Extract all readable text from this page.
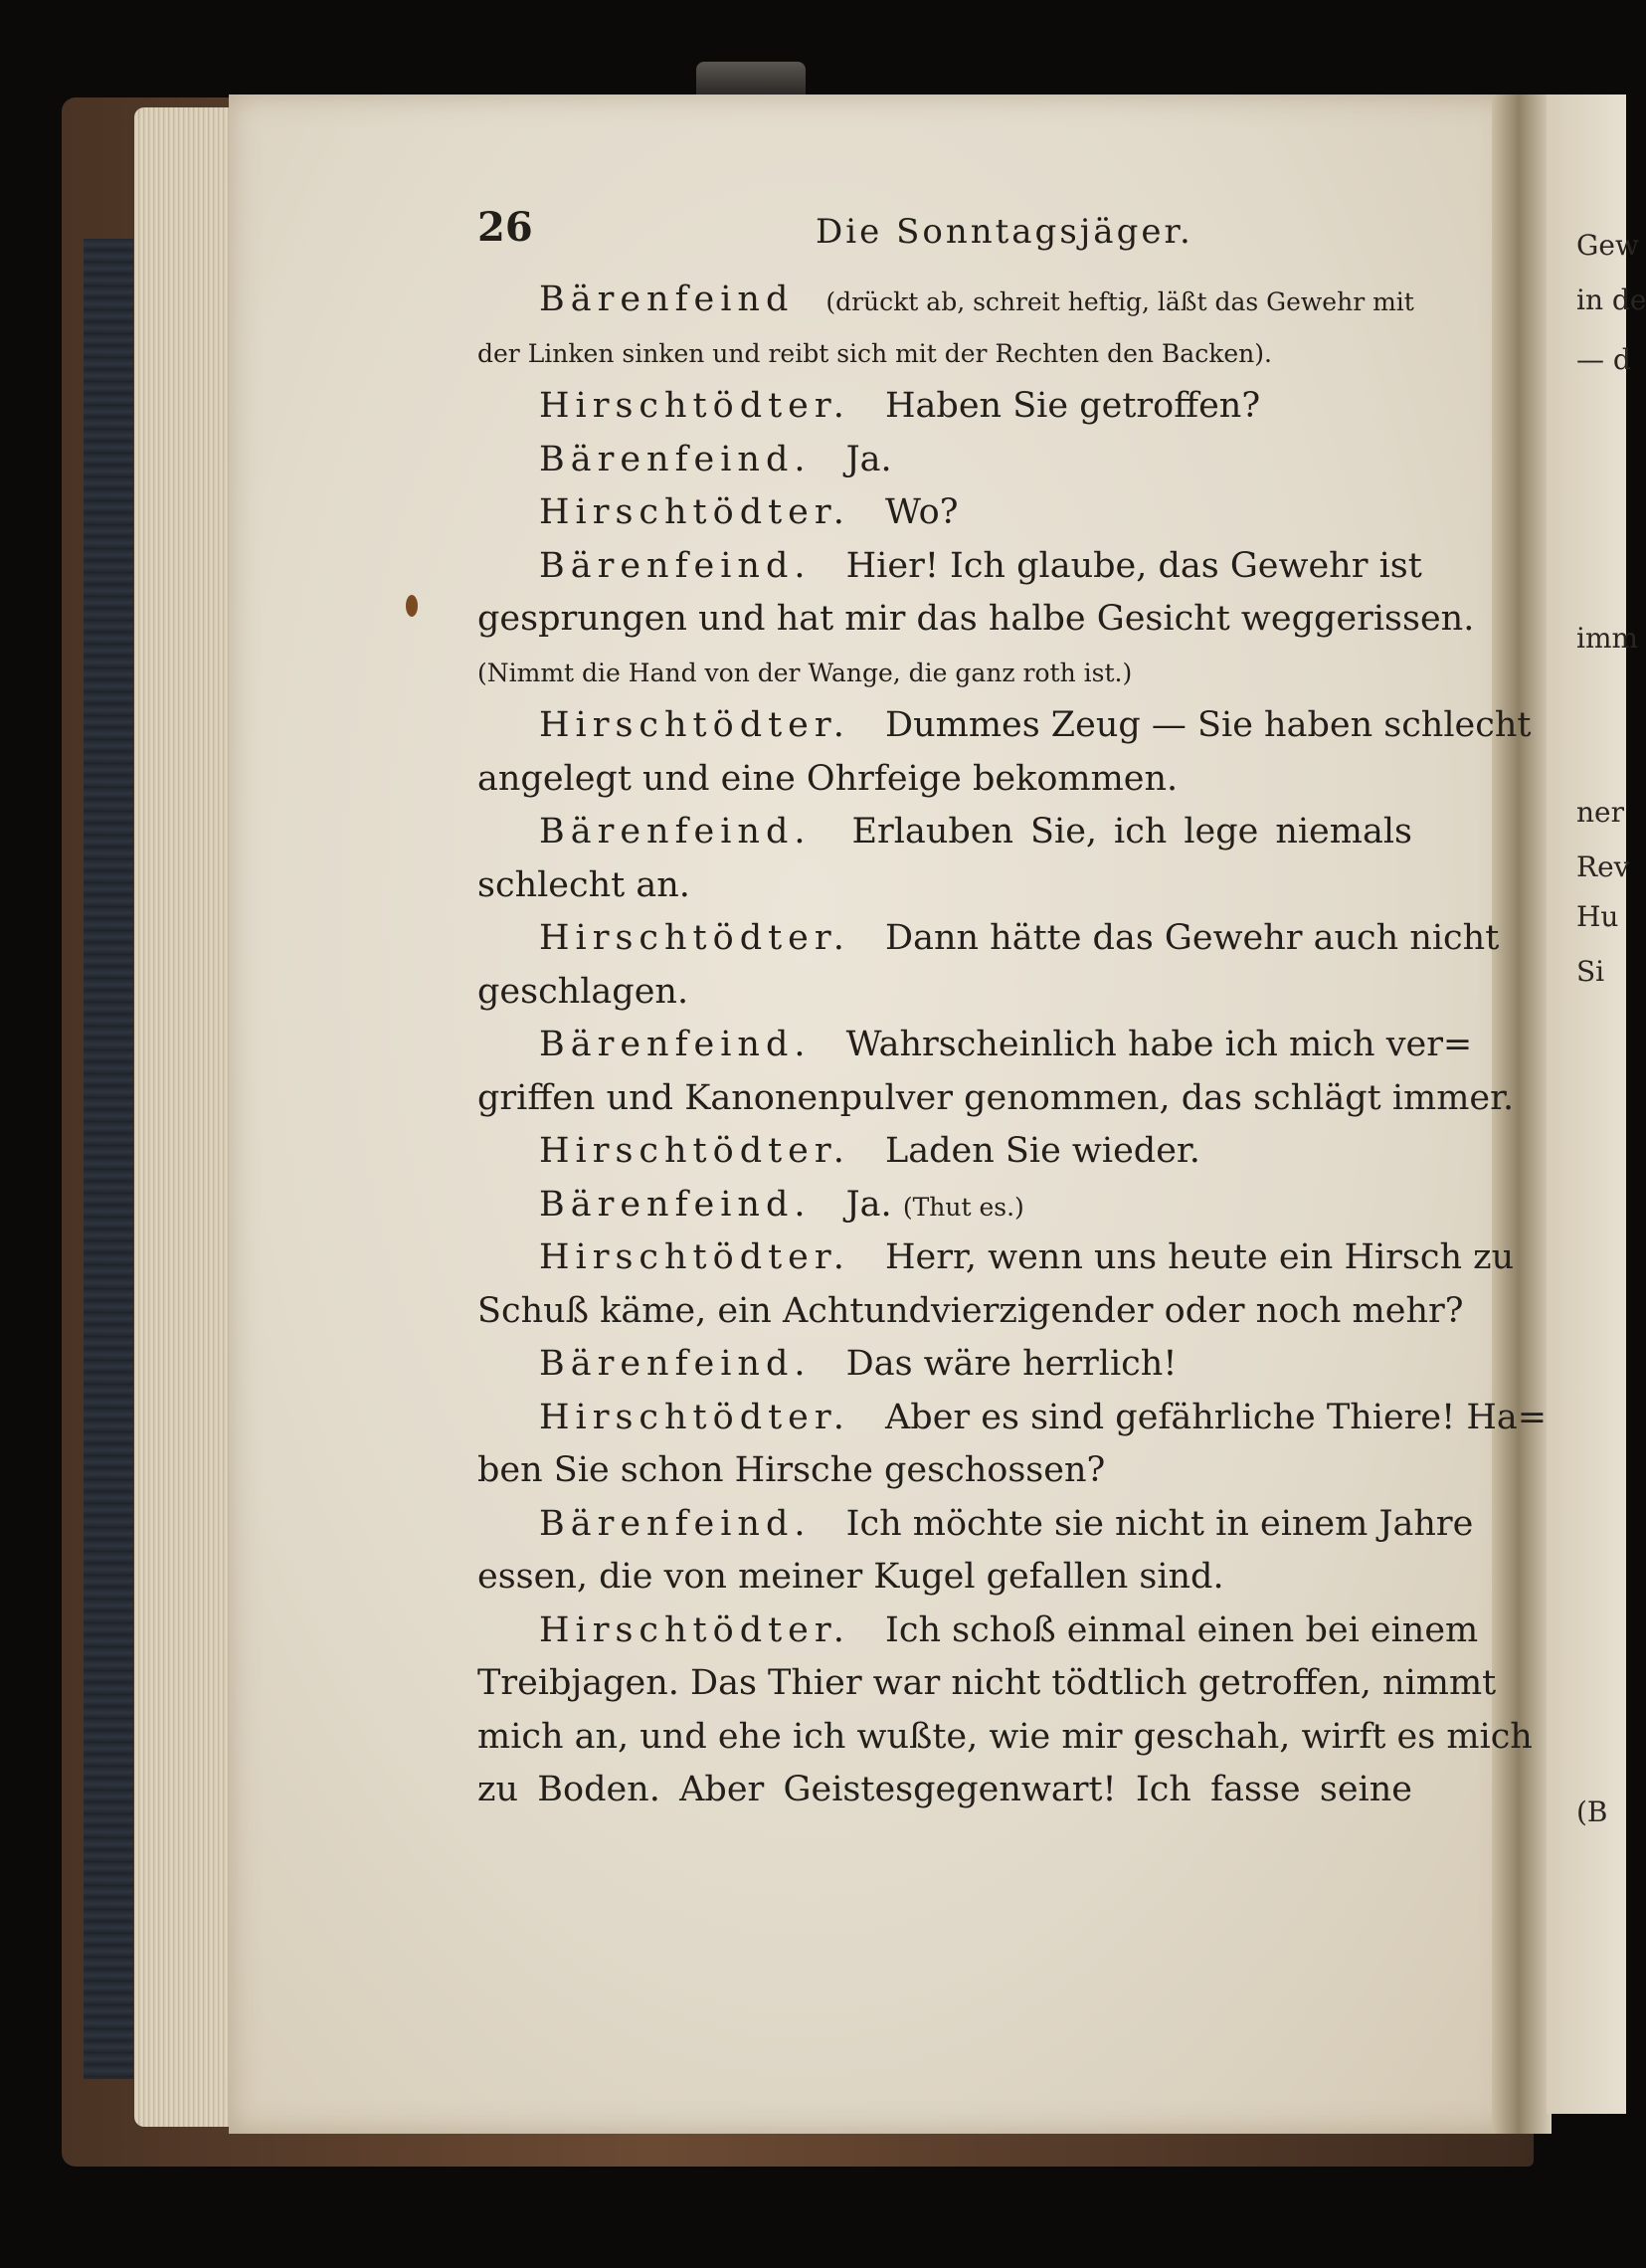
Gew
in de
— d
imm
ner
Rev
Hu
Si
(B
26	Die Sonntagsjäger.
Bärenfeind (drückt ab, schreit heftig, läßt das Gewehr mit
der Linken sinken und reibt sich mit der Rechten den Backen).
Hirschtödter. Haben Sie getroffen?
Bärenfeind. Ja.
Hirschtödter. Wo?
Bärenfeind. Hier! Ich glaube, das Gewehr ist
gesprungen und hat mir das halbe Gesicht weggerissen.
(Nimmt die Hand von der Wange, die ganz roth ist.)
Hirschtödter. Dummes Zeug — Sie haben schlecht
angelegt und eine Ohrfeige bekommen.
Bärenfeind. Erlauben Sie, ich lege niemals
schlecht an.
Hirschtödter. Dann hätte das Gewehr auch nicht
geschlagen.
Bärenfeind. Wahrscheinlich habe ich mich ver=
griffen und Kanonenpulver genommen, das schlägt immer.
Hirschtödter. Laden Sie wieder.
Bärenfeind. Ja. (Thut es.)
Hirschtödter. Herr, wenn uns heute ein Hirsch zu
Schuß käme, ein Achtundvierzigender oder noch mehr?
Bärenfeind. Das wäre herrlich!
Hirschtödter. Aber es sind gefährliche Thiere! Ha=
ben Sie schon Hirsche geschossen?
Bärenfeind. Ich möchte sie nicht in einem Jahre
essen, die von meiner Kugel gefallen sind.
Hirschtödter. Ich schoß einmal einen bei einem
Treibjagen. Das Thier war nicht tödtlich getroffen, nimmt
mich an, und ehe ich wußte, wie mir geschah, wirft es mich
zu Boden. Aber Geistesgegenwart! Ich fasse seine
